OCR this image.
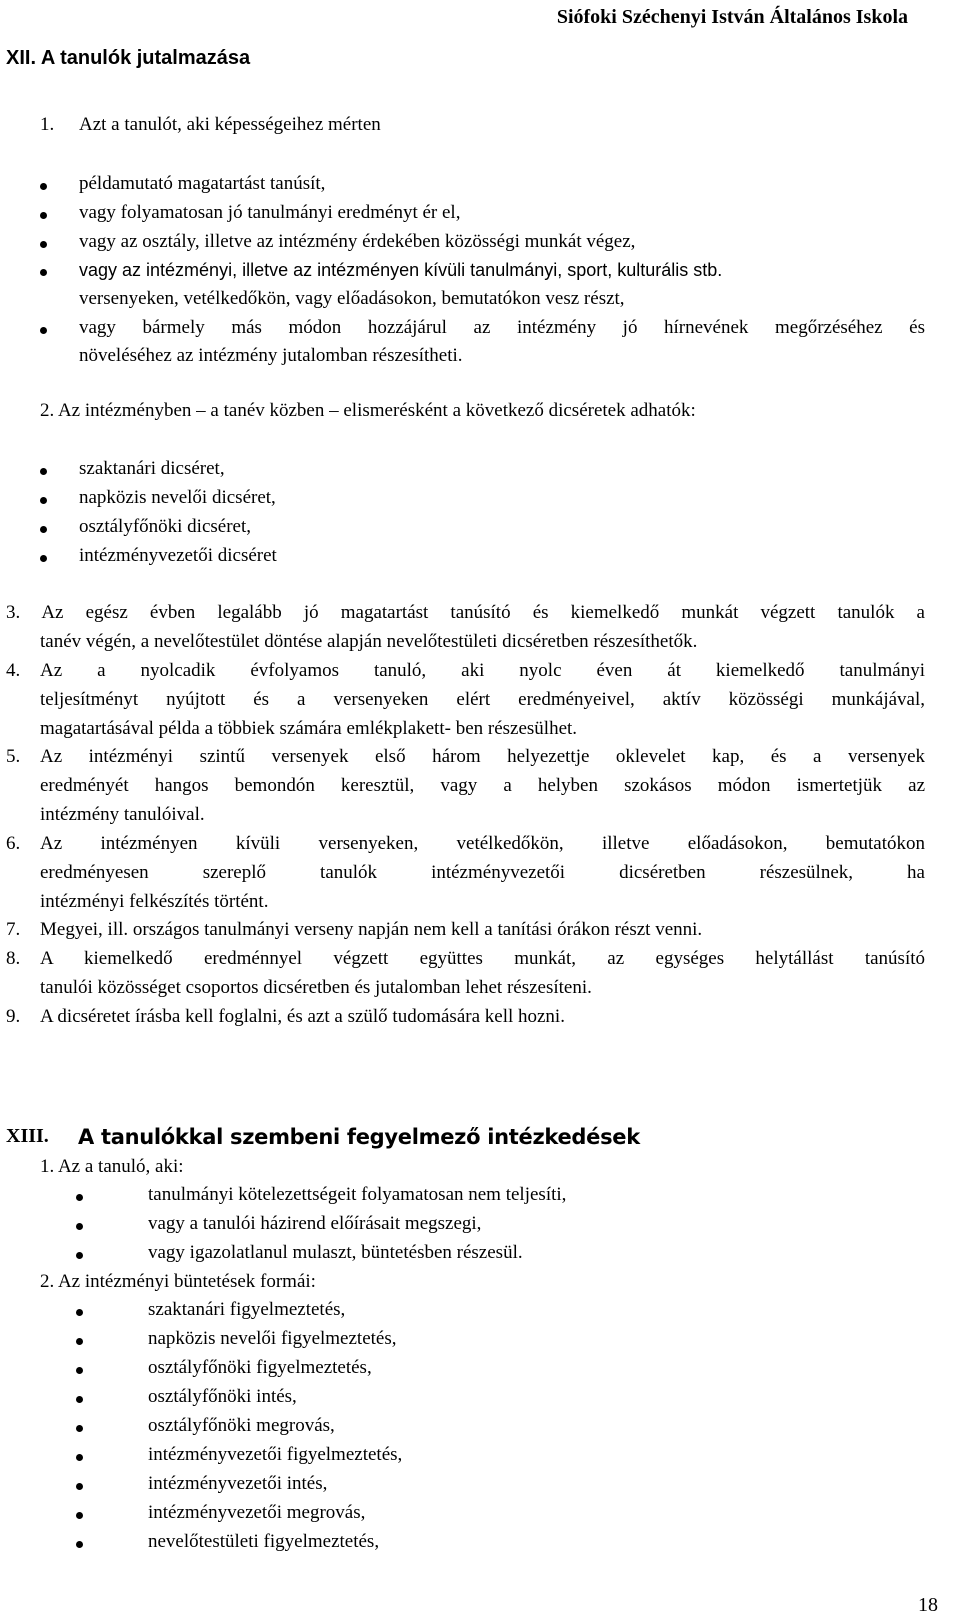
Siófoki Széchenyi István Általános Iskola
XII. A tanulók jutalmazása
1. Azt a tanulót, aki képességeihez mérten
példamutató magatartást tanúsít,
vagy folyamatosan jó tanulmányi eredményt ér el,
vagy az osztály, illetve az intézmény érdekében közösségi munkát végez,
vagy az intézményi, illetve az intézményen kívüli tanulmányi, sport, kulturális stb.
versenyeken, vetélkedőkön, vagy előadásokon, bemutatókon vesz részt,
vagy bármely más módon hozzájárul az intézmény jó hírnevének megőrzéséhez és
növeléséhez az intézmény jutalomban részesítheti.
2. Az intézményben – a tanév közben – elismerésként a következő dicséretek adhatók:
szaktanári dicséret,
napközis nevelői dicséret,
osztályfőnöki dicséret,
intézményvezetői dicséret
3. Az egész évben legalább jó magatartást tanúsító és kiemelkedő munkát végzett tanulók a
tanév végén, a nevelőtestület döntése alapján nevelőtestületi dicséretben részesíthetők.
4. Az a nyolcadik évfolyamos tanuló, aki nyolc éven át kiemelkedő tanulmányi
teljesítményt nyújtott és a versenyeken elért eredményeivel, aktív közösségi munkájával,
magatartásával példa a többiek számára emlékplakett- ben részesülhet.
5. Az intézményi szintű versenyek első három helyezettje oklevelet kap, és a versenyek
eredményét hangos bemondón keresztül, vagy a helyben szokásos módon ismertetjük az
intézmény tanulóival.
6. Az intézményen kívüli versenyeken, vetélkedőkön, illetve előadásokon, bemutatókon
eredményesen szereplő tanulók intézményvezetői dicséretben részesülnek, ha
intézményi felkészítés történt.
7. Megyei, ill. országos tanulmányi verseny napján nem kell a tanítási órákon részt venni.
8. A kiemelkedő eredménnyel végzett együttes munkát, az egységes helytállást tanúsító
tanulói közösséget csoportos dicséretben és jutalomban lehet részesíteni.
9. A dicséretet írásba kell foglalni, és azt a szülő tudomására kell hozni.
XIII. A tanulókkal szembeni fegyelmező intézkedések
1. Az a tanuló, aki:
tanulmányi kötelezettségeit folyamatosan nem teljesíti,
vagy a tanulói házirend előírásait megszegi,
vagy igazolatlanul mulaszt, büntetésben részesül.
2. Az intézményi büntetések formái:
szaktanári figyelmeztetés,
napközis nevelői figyelmeztetés,
osztályfőnöki figyelmeztetés,
osztályfőnöki intés,
osztályfőnöki megrovás,
intézményvezetői figyelmeztetés,
intézményvezetői intés,
intézményvezetői megrovás,
nevelőtestületi figyelmeztetés,
18
